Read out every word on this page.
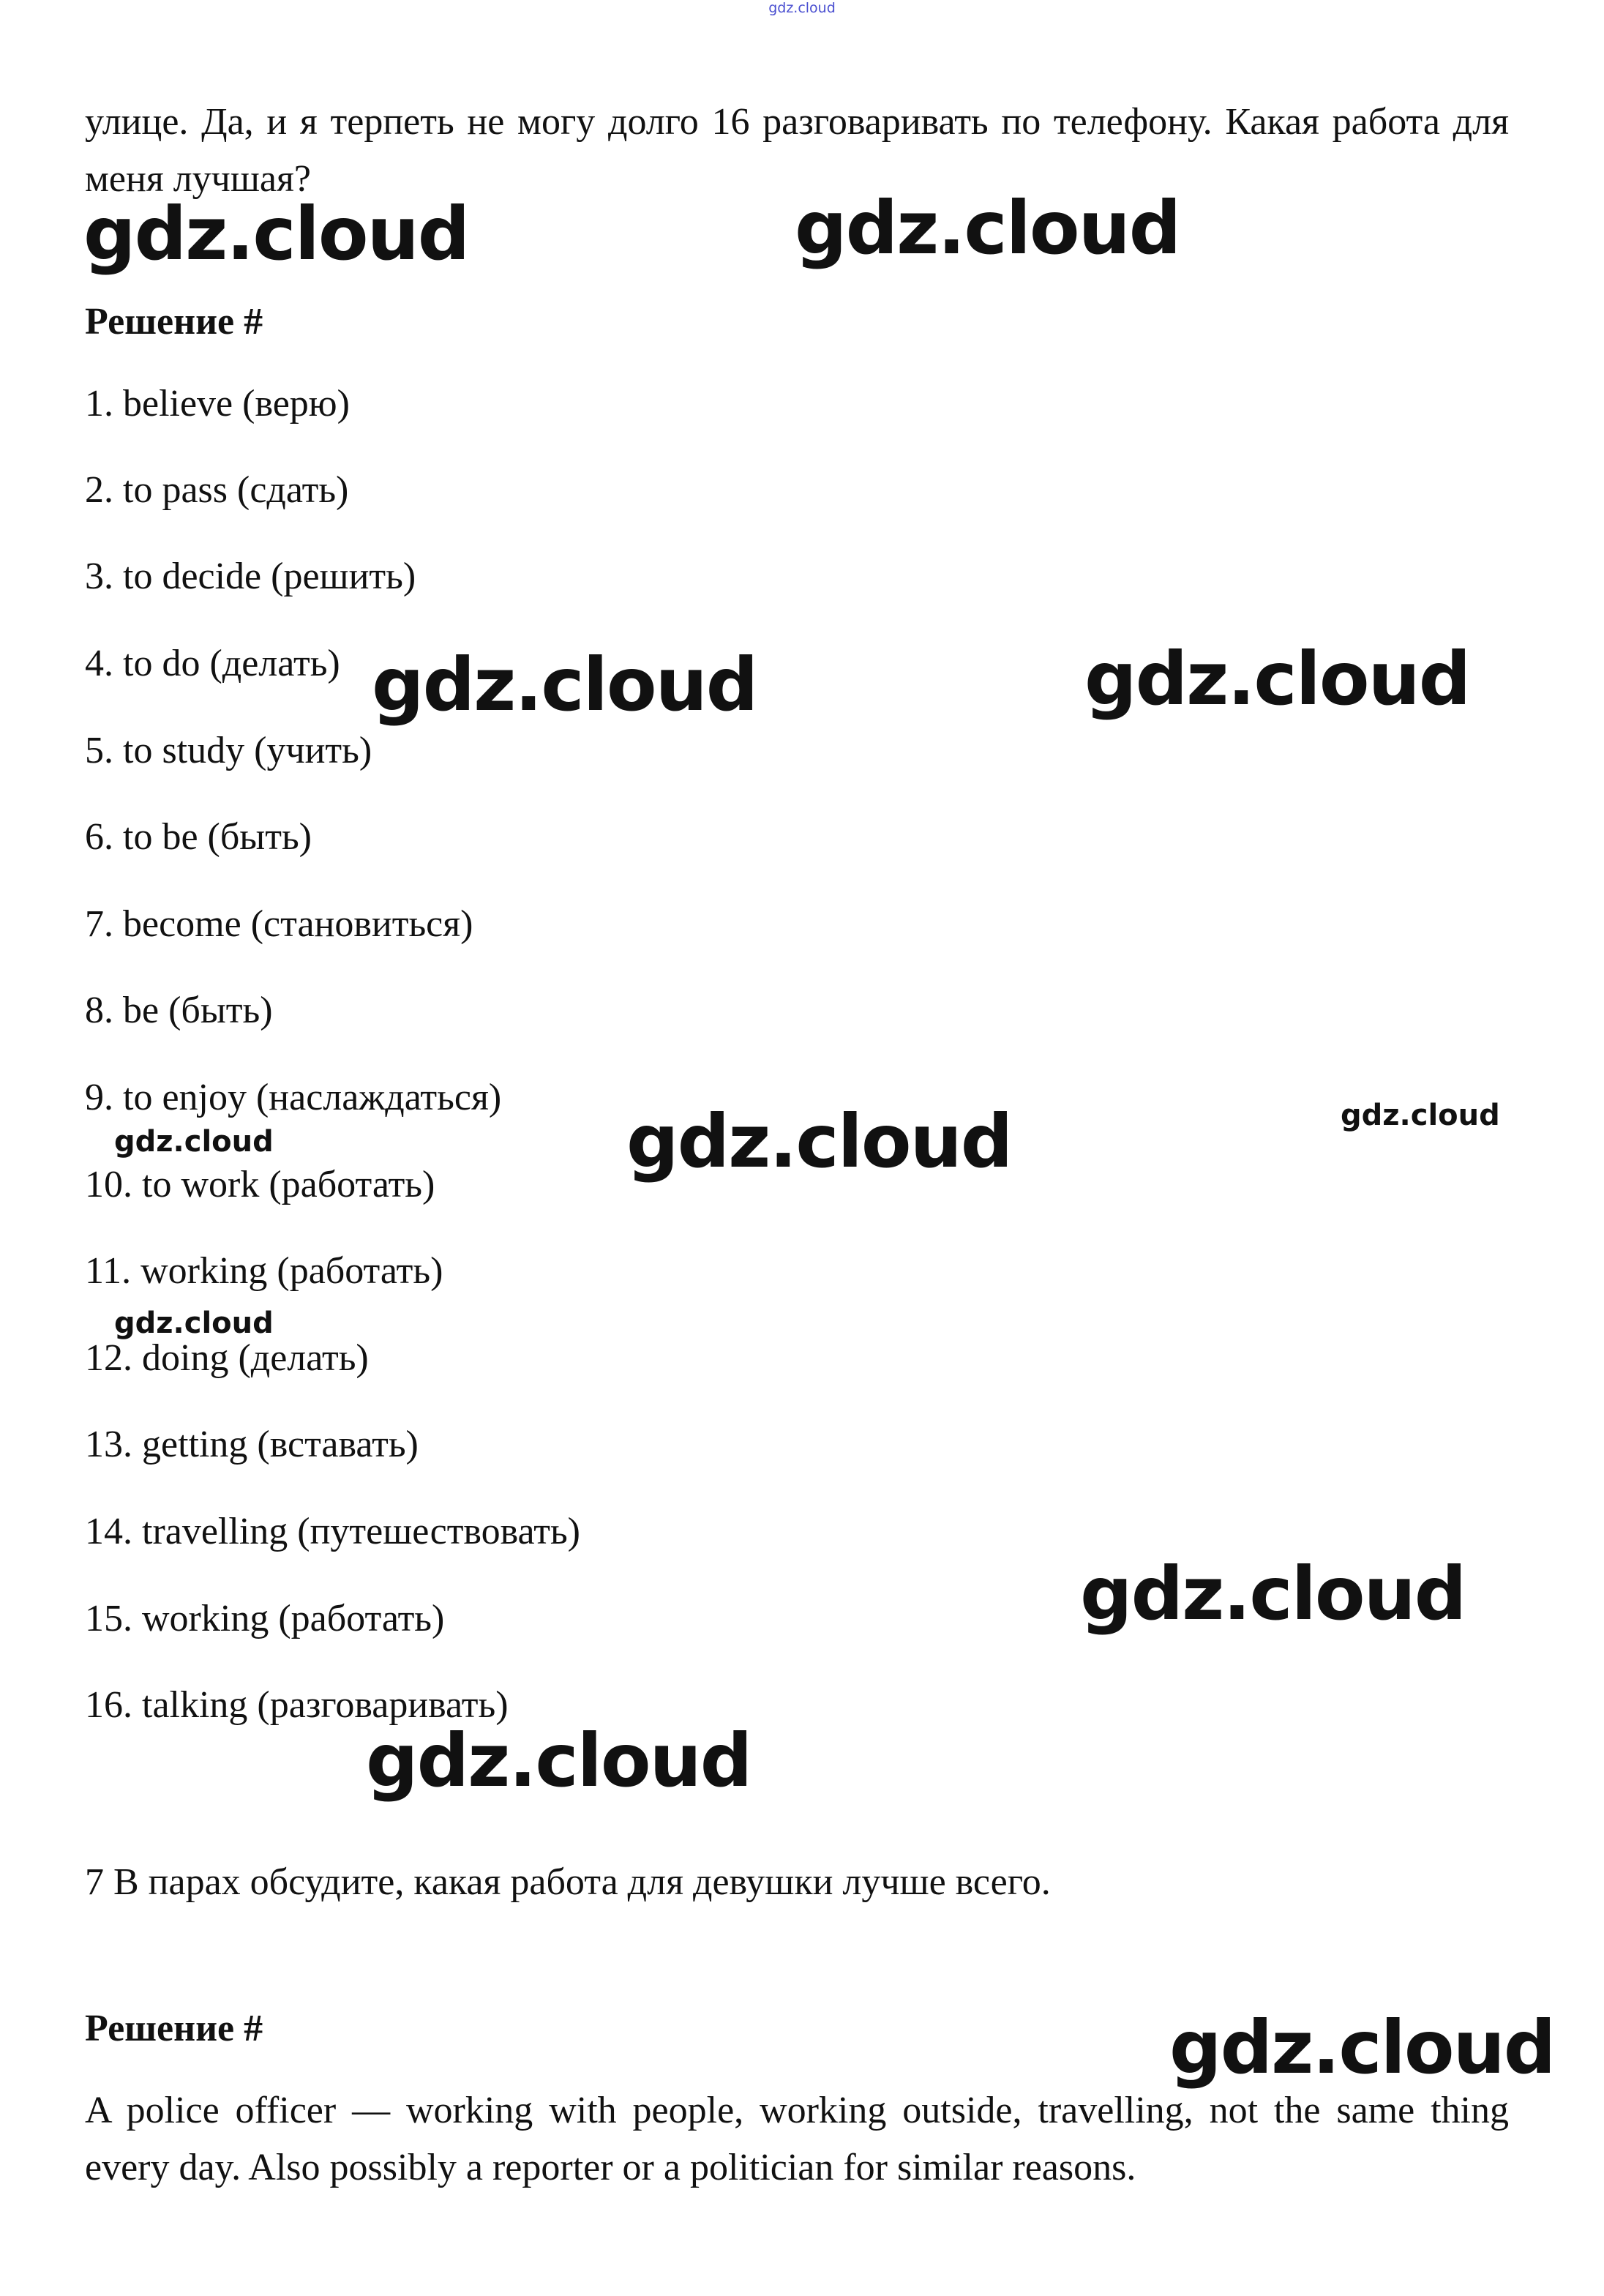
gdz.cloud
улице. Да, и я терпеть не могу долго 16 разговаривать по телефону. Какая работа для меня лучшая?
Решение #
1. believe (верю)
2. to pass (сдать)
3. to decide (решить)
4. to do (делать)
5. to study (учить)
6. to be (быть)
7. become (становиться)
8. be (быть)
9. to enjoy (наслаждаться)
10. to work (работать)
11. working (работать)
12. doing (делать)
13. getting (вставать)
14. travelling (путешествовать)
15. working (работать)
16. talking (разговаривать)
7 В парах обсудите, какая работа для девушки лучше всего.
Решение #
A police officer — working with people, working outside, travelling, not the same thing every day. Also possibly a reporter or a politician for similar reasons.
gdz.cloud	gdz.cloud
gdz.cloud	gdz.cloud
gdz.cloud	gdz.cloud
gdz.cloud
gdz.cloud
gdz.cloud
gdz.cloud
gdz.cloud
